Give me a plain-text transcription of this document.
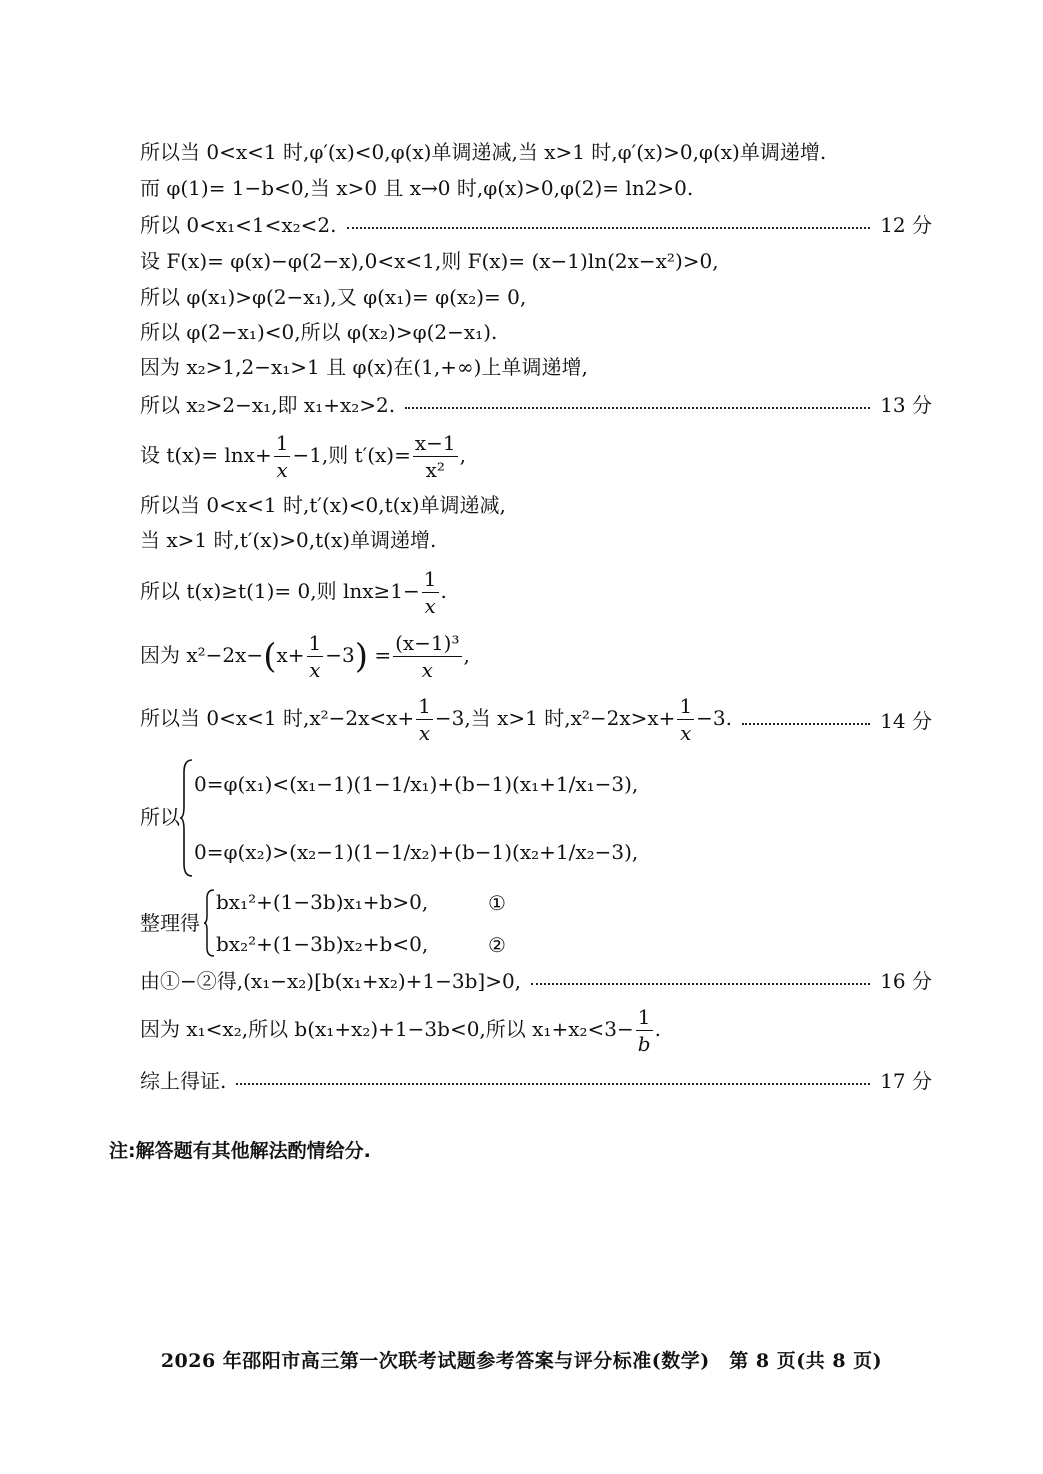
所以当 0<x<1 时,φ′(x)<0,φ(x)单调递减,当 x>1 时,φ′(x)>0,φ(x)单调递增.
而 φ(1)= 1−b<0,当 x>0 且 x→0 时,φ(x)>0,φ(2)= ln2>0.
所以 0<x₁<1<x₂<2.	12 分
设 F(x)= φ(x)−φ(2−x),0<x<1,则 F(x)= (x−1)ln(2x−x²)>0,
所以 φ(x₁)>φ(2−x₁),又 φ(x₁)= φ(x₂)= 0,
所以 φ(2−x₁)<0,所以 φ(x₂)>φ(2−x₁).
因为 x₂>1,2−x₁>1 且 φ(x)在(1,+∞)上单调递增,
所以 x₂>2−x₁,即 x₁+x₂>2.	13 分
设 $t(x)= \ln x+ \frac{1}{x} -1$,则 $t'(x)= \frac{x-1}{\text{x²}}$ ,
所以当 0<x<1 时,t′(x)<0,t(x)单调递减,
当 x>1 时,t′(x)>0,t(x)单调递增.
所以 t(x)≥t(1)= 0,则 $\ln x\ge 1- \frac{1}{x}$ .
因为 $x^2-2x-(x+ \frac{1}{x} -3) = \frac{\text{(x−1)³}}{x}$ ,
所以当 0<x<1 时$,x^2-2x<x+ \frac{1}{x} -3$,当 x>1 时$,x^2-2x>x+ \frac{1}{x} -3$.	14 分
所以
0=φ(x₁)<(x₁−1)(1−1/x₁)+(b−1)(x₁+1/x₁−3),
0=φ(x₂)>(x₂−1)(1−1/x₂)+(b−1)(x₂+1/x₂−3),
整理得
bx₁²+(1−3b)x₁+b>0,
bx₂²+(1−3b)x₂+b<0,
①
②
由①−②得,(x₁−x₂)[b(x₁+x₂)+1−3b]>0,	16 分
因为 x₁<x₂,所以 b(x₁+x₂)+1−3b<0,所以 $x_1+x_2<3- \frac{1}{b}$ .
综上得证.	17 分
注:解答题有其他解法酌情给分.
2026 年邵阳市高三第一次联考试题参考答案与评分标准(数学)　第 8 页(共 8 页)
